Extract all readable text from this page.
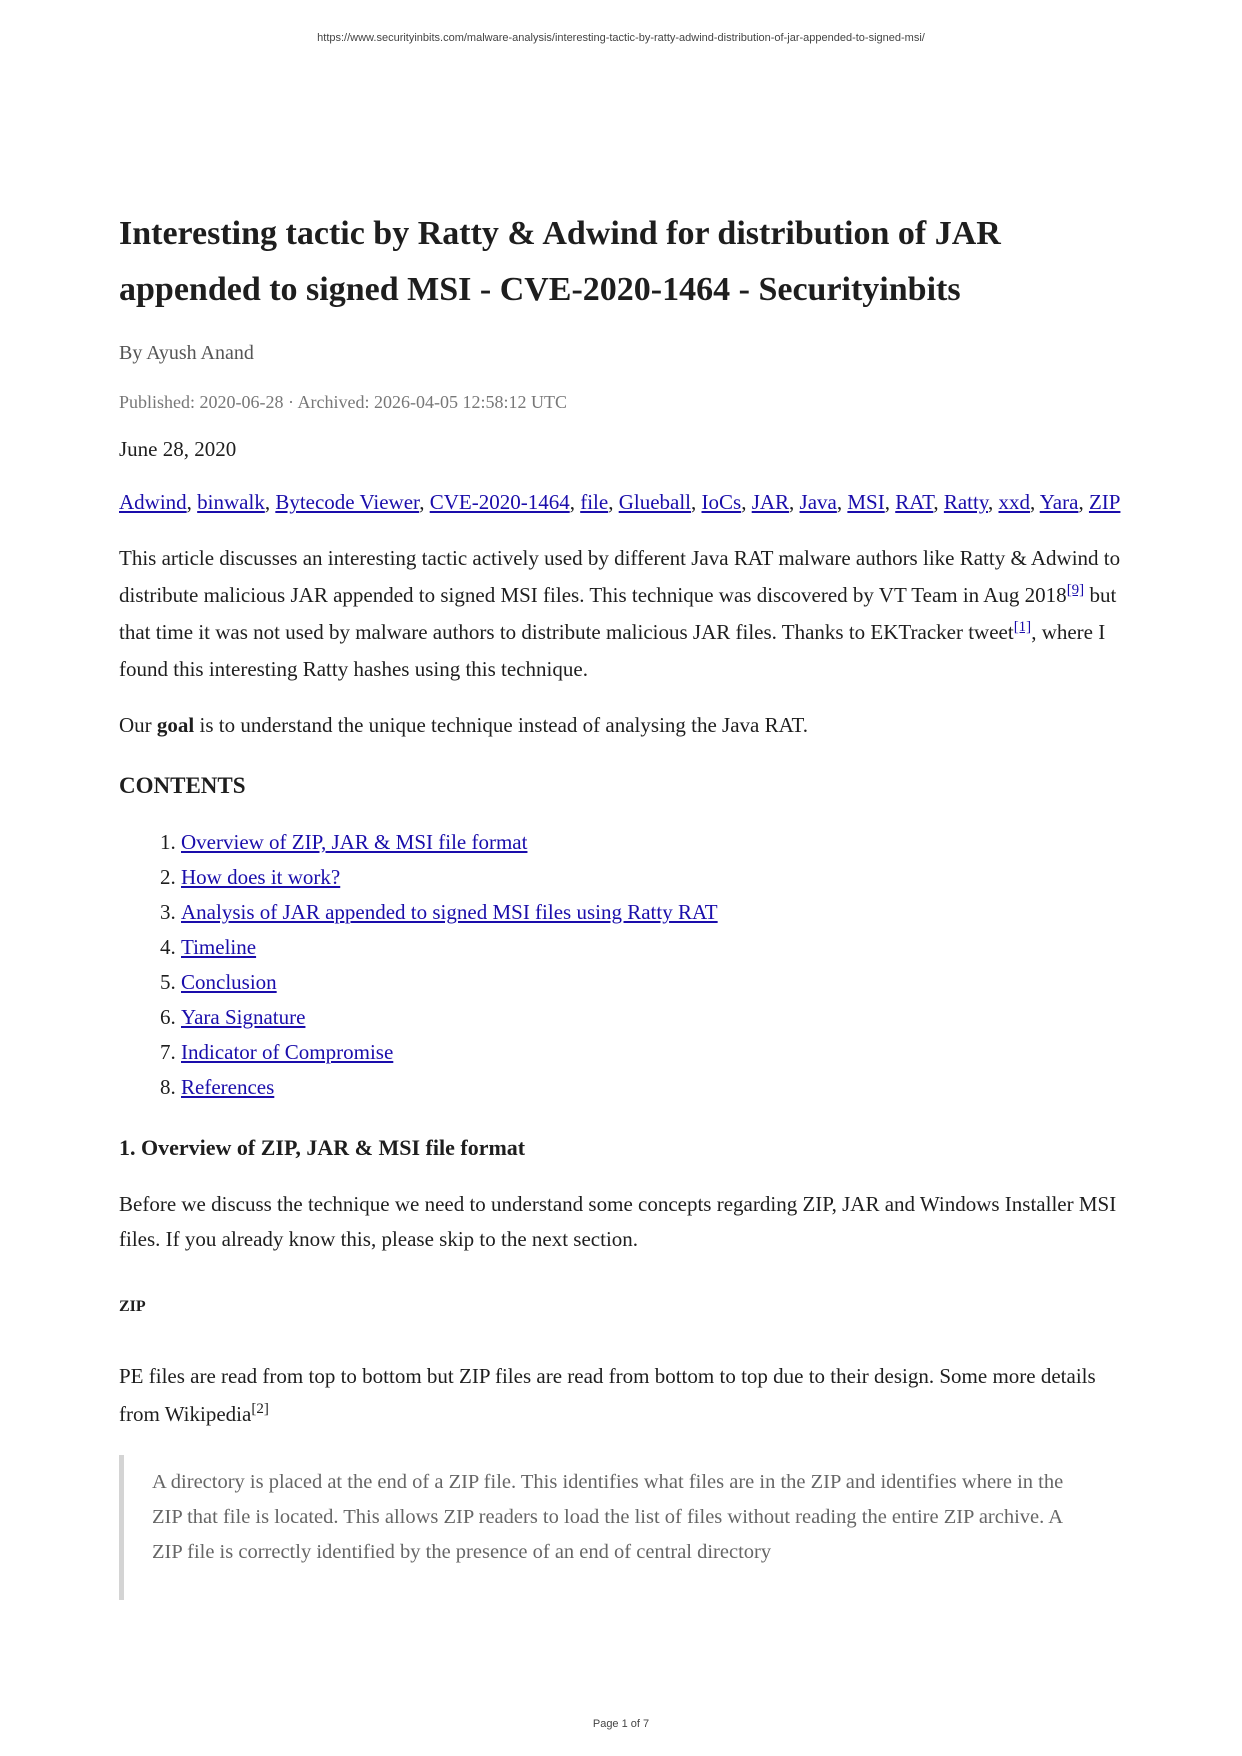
https://www.securityinbits.com/malware-analysis/interesting-tactic-by-ratty-adwind-distribution-of-jar-appended-to-signed-msi/
Interesting tactic by Ratty & Adwind for distribution of JAR appended to signed MSI - CVE-2020-1464 - Securityinbits
By Ayush Anand
Published: 2020-06-28 · Archived: 2026-04-05 12:58:12 UTC
June 28, 2020
Adwind, binwalk, Bytecode Viewer, CVE-2020-1464, file, Glueball, IoCs, JAR, Java, MSI, RAT, Ratty, xxd, Yara, ZIP

This article discusses an interesting tactic actively used by different Java RAT malware authors like Ratty & Adwind to distribute malicious JAR appended to signed MSI files. This technique was discovered by VT Team in Aug 2018[9] but that time it was not used by malware authors to distribute malicious JAR files. Thanks to EKTracker tweet[1], where I found this interesting Ratty hashes using this technique.

Our goal is to understand the unique technique instead of analysing the Java RAT.

CONTENTS
1. Overview of ZIP, JAR & MSI file format
2. How does it work?
3. Analysis of JAR appended to signed MSI files using Ratty RAT
4. Timeline
5. Conclusion
6. Yara Signature
7. Indicator of Compromise
8. References
1. Overview of ZIP, JAR & MSI file format

Before we discuss the technique we need to understand some concepts regarding ZIP, JAR and Windows Installer MSI files. If you already know this, please skip to the next section.

ZIP

PE files are read from top to bottom but ZIP files are read from bottom to top due to their design. Some more details from Wikipedia[2]

A directory is placed at the end of a ZIP file. This identifies what files are in the ZIP and identifies where in the ZIP that file is located. This allows ZIP readers to load the list of files without reading the entire ZIP archive. A ZIP file is correctly identified by the presence of an end of central directory
Page 1 of 7
